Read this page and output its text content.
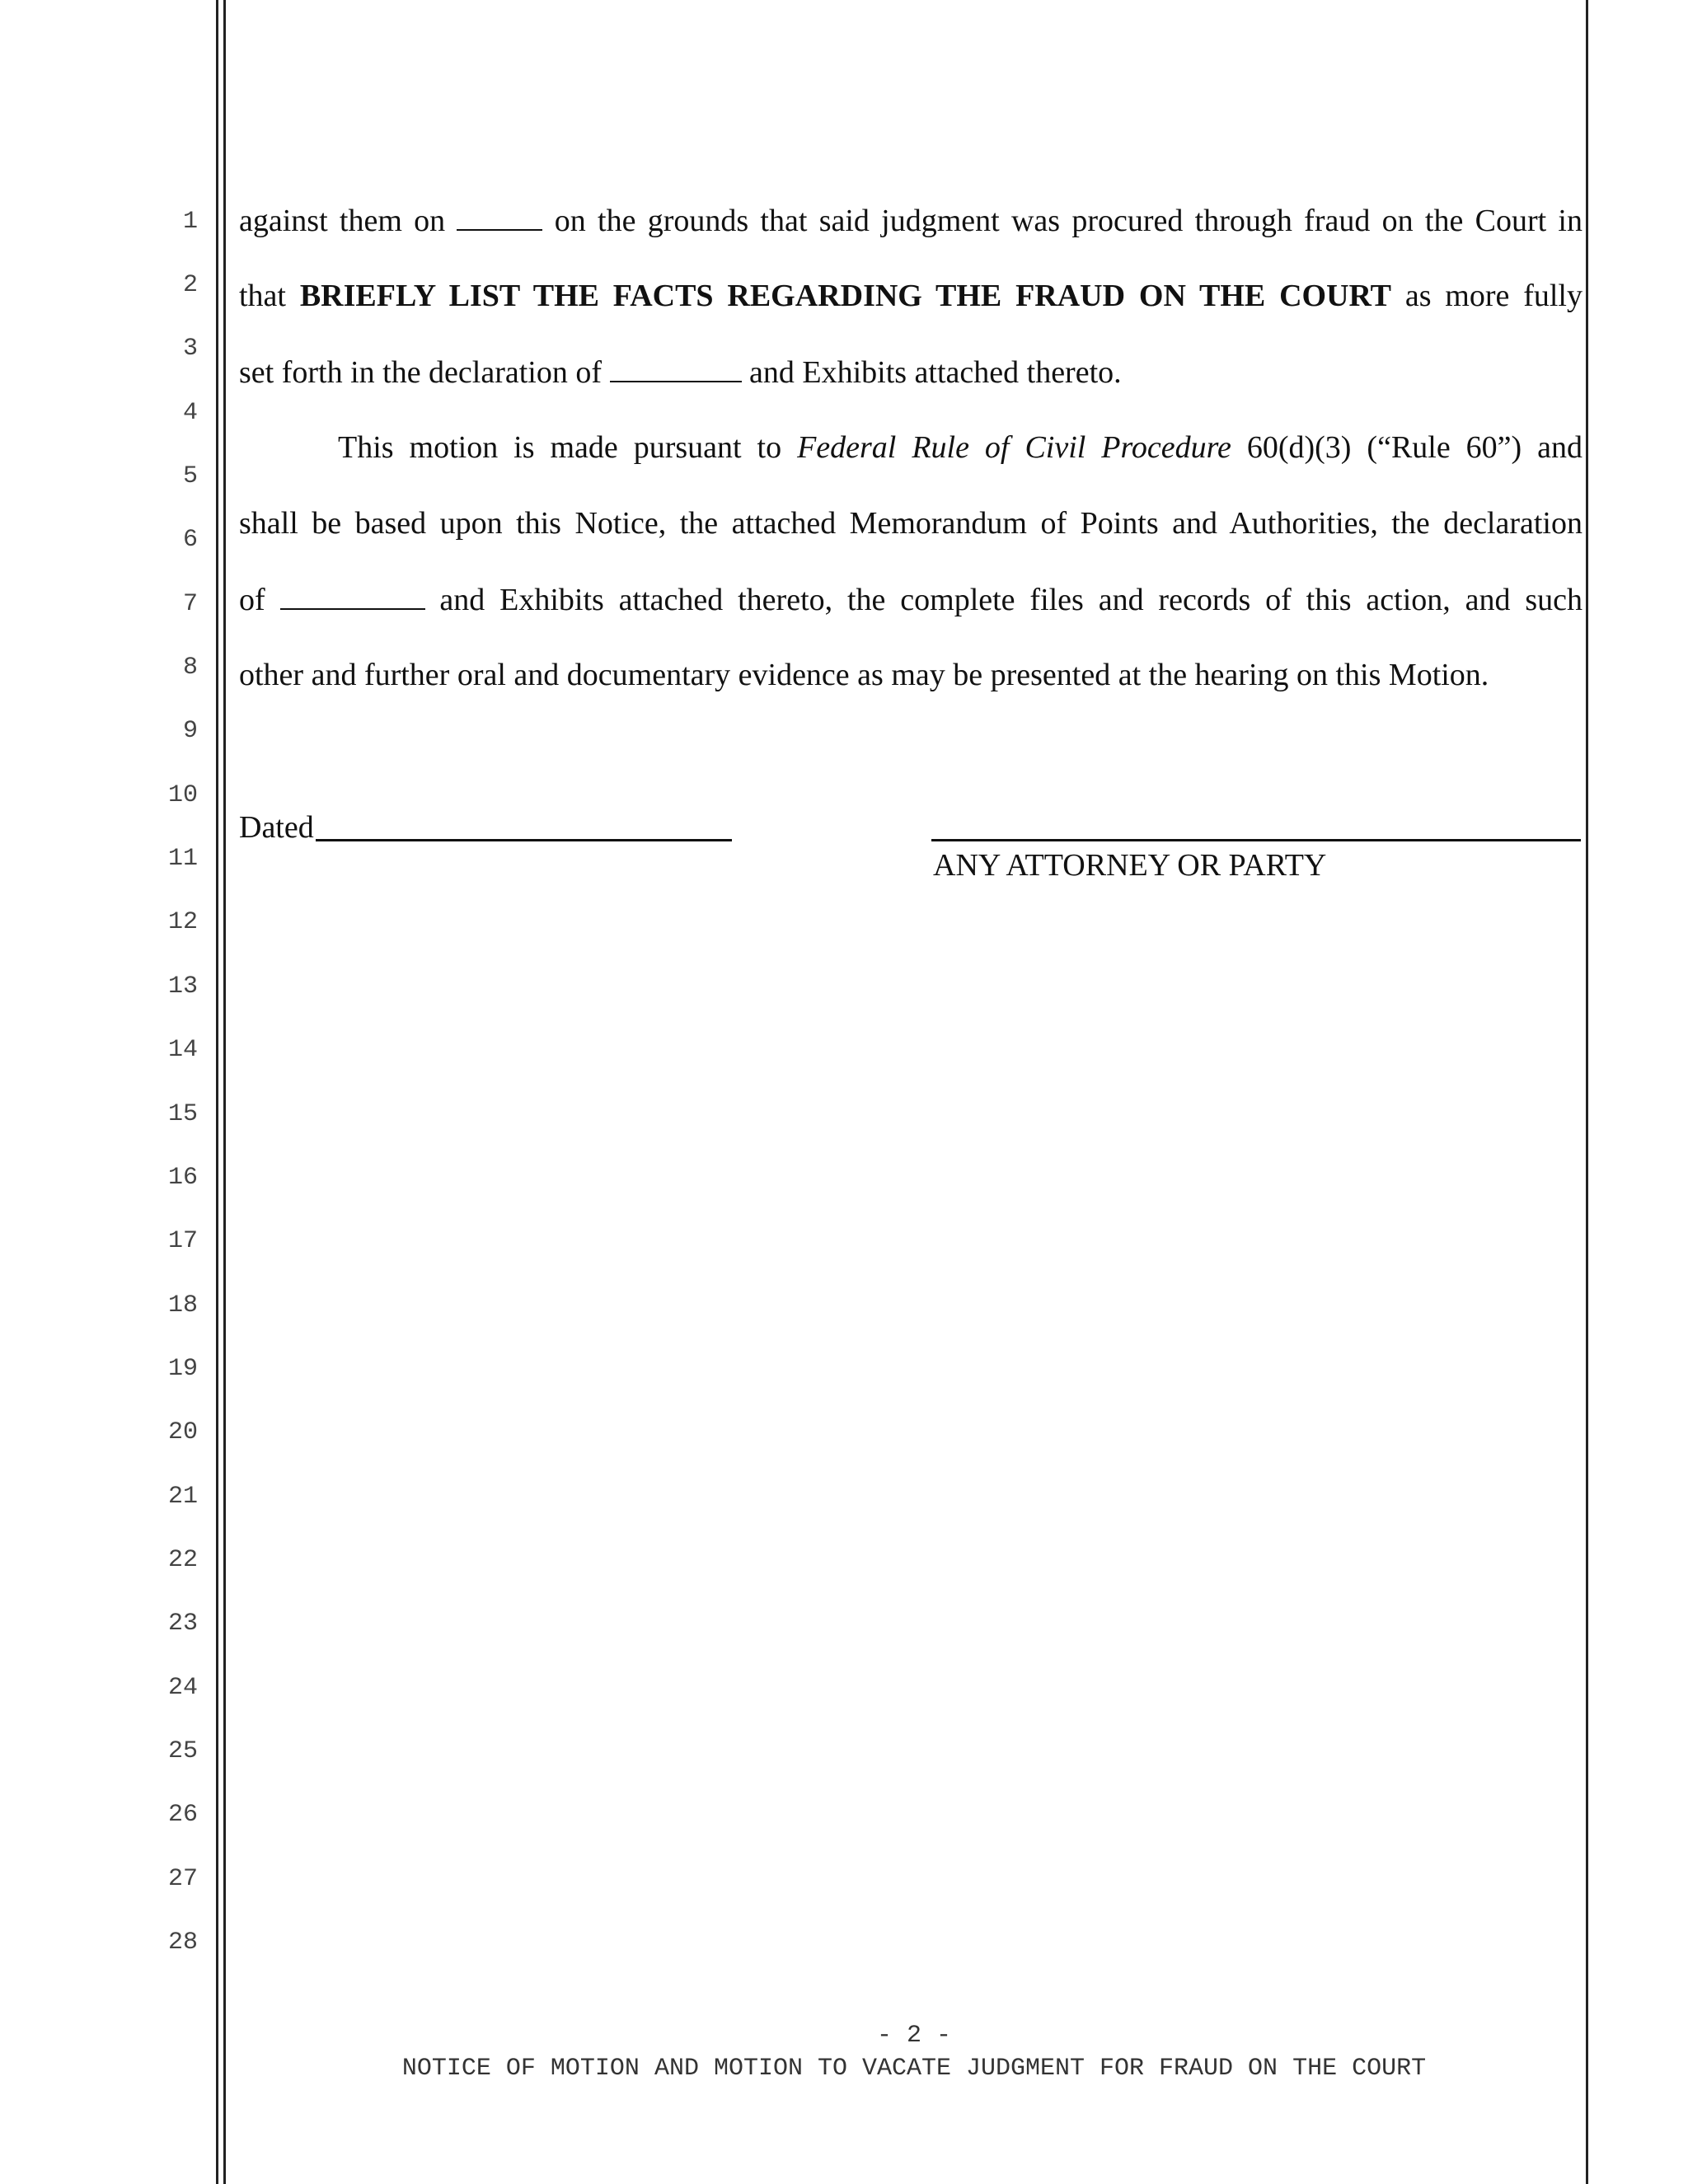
1
2
3
4
5
6
7
8
9
10
11
12
13
14
15
16
17
18
19
20
21
22
23
24
25
26
27
28
against them on	on the grounds that said judgment was procured through fraud on the Court in
that BRIEFLY LIST THE FACTS REGARDING THE FRAUD ON THE COURT as more fully
set forth in the declaration of	and Exhibits attached thereto.
This motion is made pursuant to Federal Rule of Civil Procedure 60(d)(3) (“Rule 60”) and
shall be based upon this Notice, the attached Memorandum of Points and Authorities, the declaration
of	and Exhibits attached thereto, the complete files and records of this action, and such
other and further oral and documentary evidence as may be presented at the hearing on this Motion.
Dated
ANY ATTORNEY OR PARTY
- 2 -
NOTICE OF MOTION AND MOTION TO VACATE JUDGMENT FOR FRAUD ON THE COURT
